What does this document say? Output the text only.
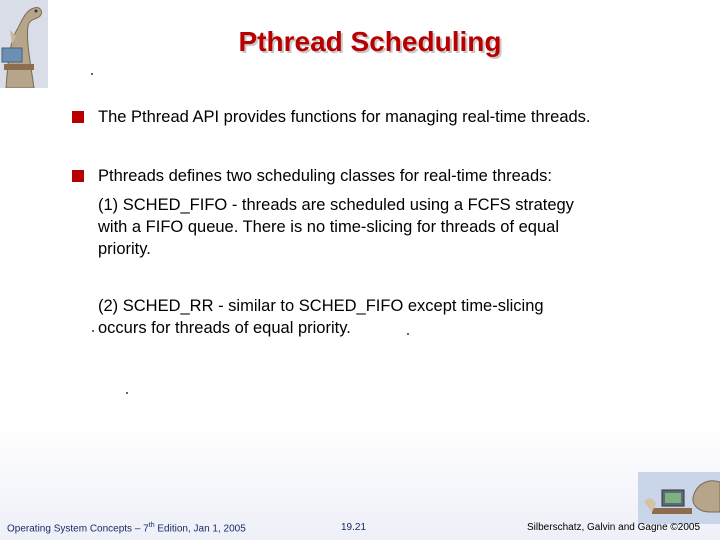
Pthread Scheduling
The Pthread API provides functions for managing real-time threads.
Pthreads defines two scheduling classes for real-time threads:
(1) SCHED_FIFO - threads are scheduled using a FCFS strategy
with a FIFO queue. There is no time-slicing for threads of equal
priority.
(2) SCHED_RR - similar to SCHED_FIFO except time-slicing
occurs for threads of equal priority.
Operating System Concepts – 7th Edition, Jan 1, 2005	19.21	Silberschatz, Galvin and Gagne ©2005
